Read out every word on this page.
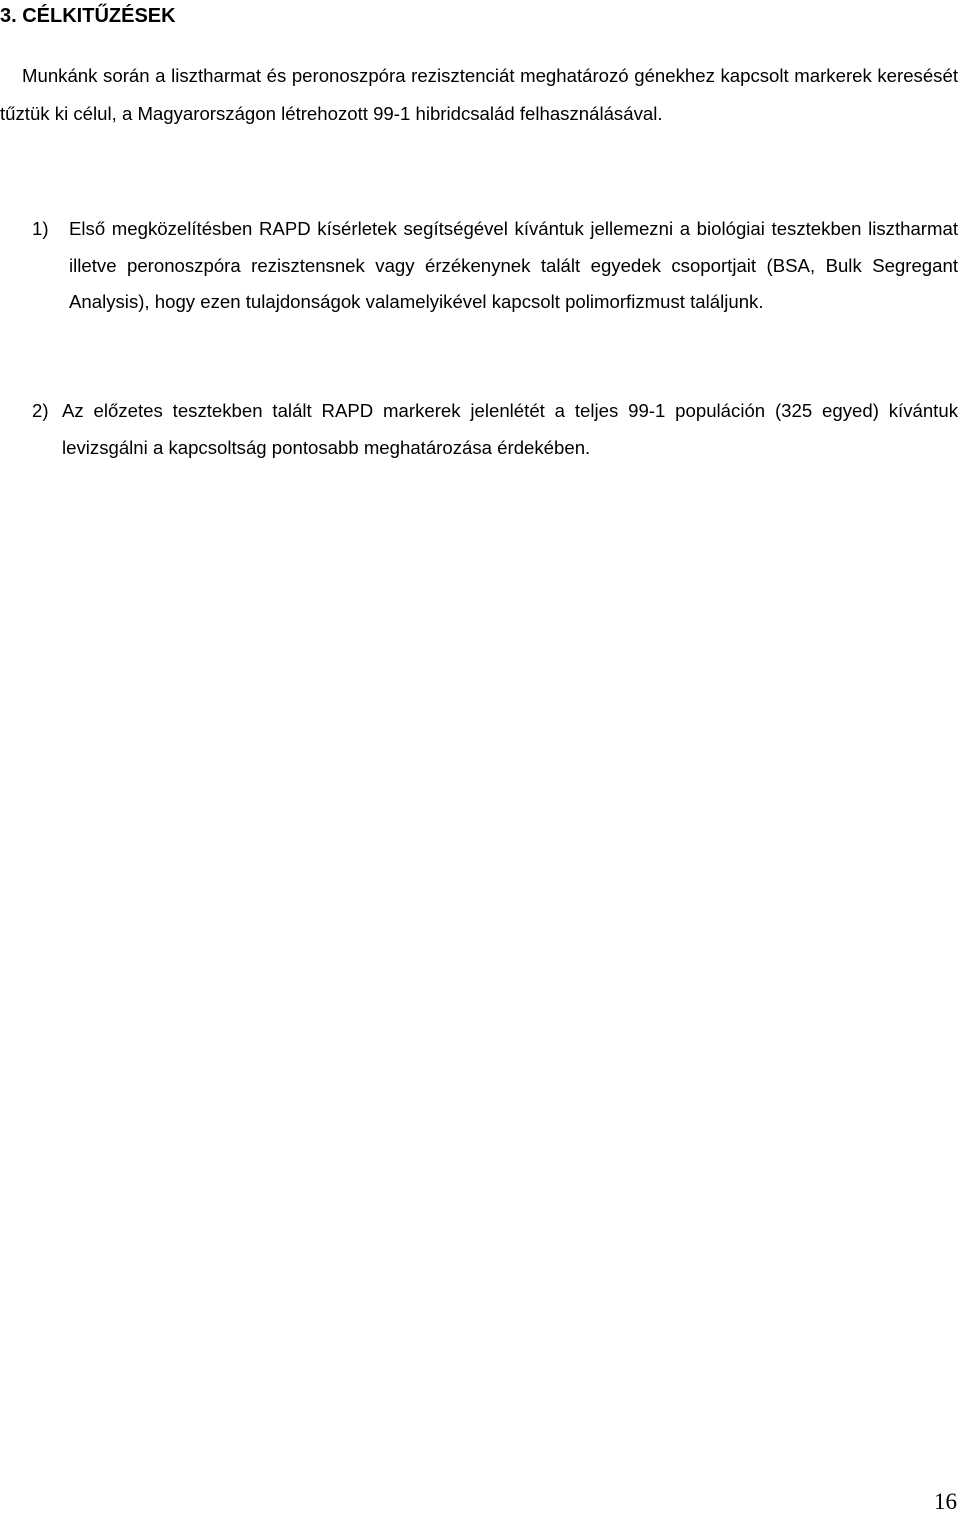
3. CÉLKITŰZÉSEK

Munkánk során a lisztharmat és peronoszpóra rezisztenciát meghatározó génekhez kapcsolt markerek keresését tűztük ki célul, a Magyarországon létrehozott 99-1 hibridcsalád felhasználásával.

1)	Első megközelítésben RAPD kísérletek segítségével kívántuk jellemezni a biológiai tesztekben lisztharmat illetve peronoszpóra rezisztensnek vagy érzékenynek talált egyedek csoportjait (BSA, Bulk Segregant Analysis), hogy ezen tulajdonságok valamelyikével kapcsolt polimorfizmust találjunk.
2) Az előzetes tesztekben talált RAPD markerek jelenlétét a teljes 99-1 populáción (325 egyed) kívántuk levizsgálni a kapcsoltság pontosabb meghatározása érdekében.
16
